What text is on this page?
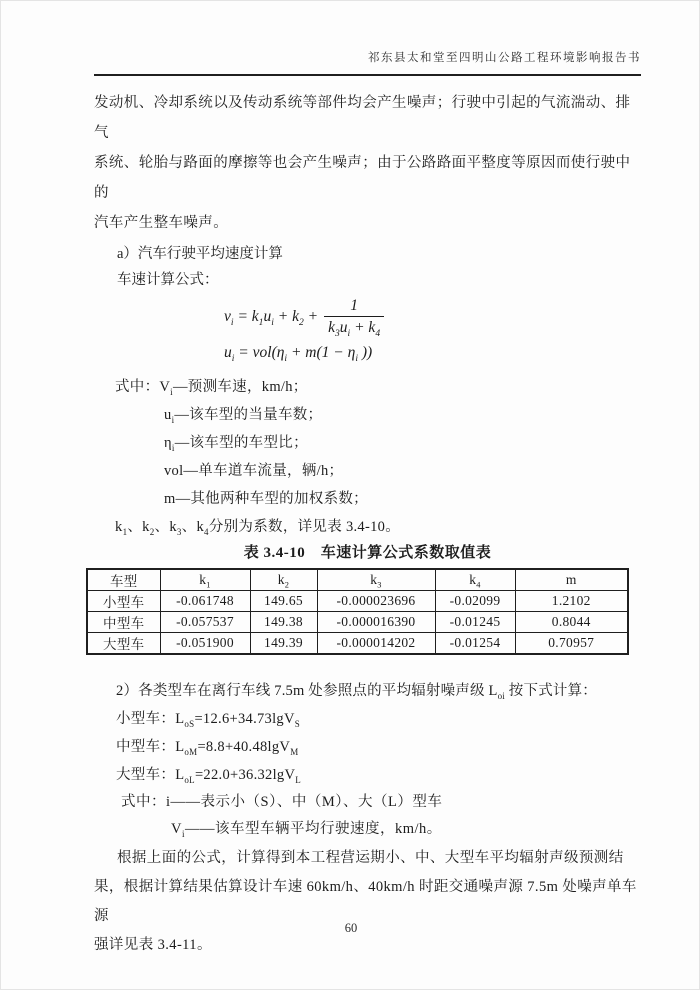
祁东县太和堂至四明山公路工程环境影响报告书
发动机、冷却系统以及传动系统等部件均会产生噪声；行驶中引起的气流湍动、排气
系统、轮胎与路面的摩擦等也会产生噪声；由于公路路面平整度等原因而使行驶中的
汽车产生整车噪声。
a）汽车行驶平均速度计算
车速计算公式：
$v_i = k_1u_i + k_2 + \frac{1}{k_3u_i + k_4}$
$u_i = vol(\eta_i + m(1 - \eta_i$ ))
式中：$V_i—$预测车速，km/h；
$u_i—$该车型的当量车数；
$\eta_i—$该车型的车型比；
vol—单车道车流量，辆/h；
m—其他两种车型的加权系数；
$k_1$、$k_2$、$k_3$、$k_4$分别为系数，详见表 3.4-10。
表 3.4-10　车速计算公式系数取值表
车型	$k_1$	$k_2$	$k_3$	$k_4$	m
小型车	-0.061748	149.65	-0.000023696	-0.02099	1.2102
中型车	-0.057537	149.38	-0.000016390	-0.01245	0.8044
大型车	-0.051900	149.39	-0.000014202	-0.01254	0.70957
2）各类型车在离行车线 7.5m 处参照点的平均辐射噪声级 $L_{oi}$ 按下式计算：
小型车：$L_{oS}=12.6+34.73\lg V_S$
中型车：$L_{oM}=8.8+40.48\lg V_M$
大型车：$L_{oL}=22.0+36.32\lg V_L$
式中：i——表示小（S）、中（M）、大（L）型车
$V_i——$该车型车辆平均行驶速度，km/h。
根据上面的公式，计算得到本工程营运期小、中、大型车平均辐射声级预测结
果，根据计算结果估算设计车速 60km/h、40km/h 时距交通噪声源 7.5m 处噪声单车源
强详见表 3.4-11。
60
